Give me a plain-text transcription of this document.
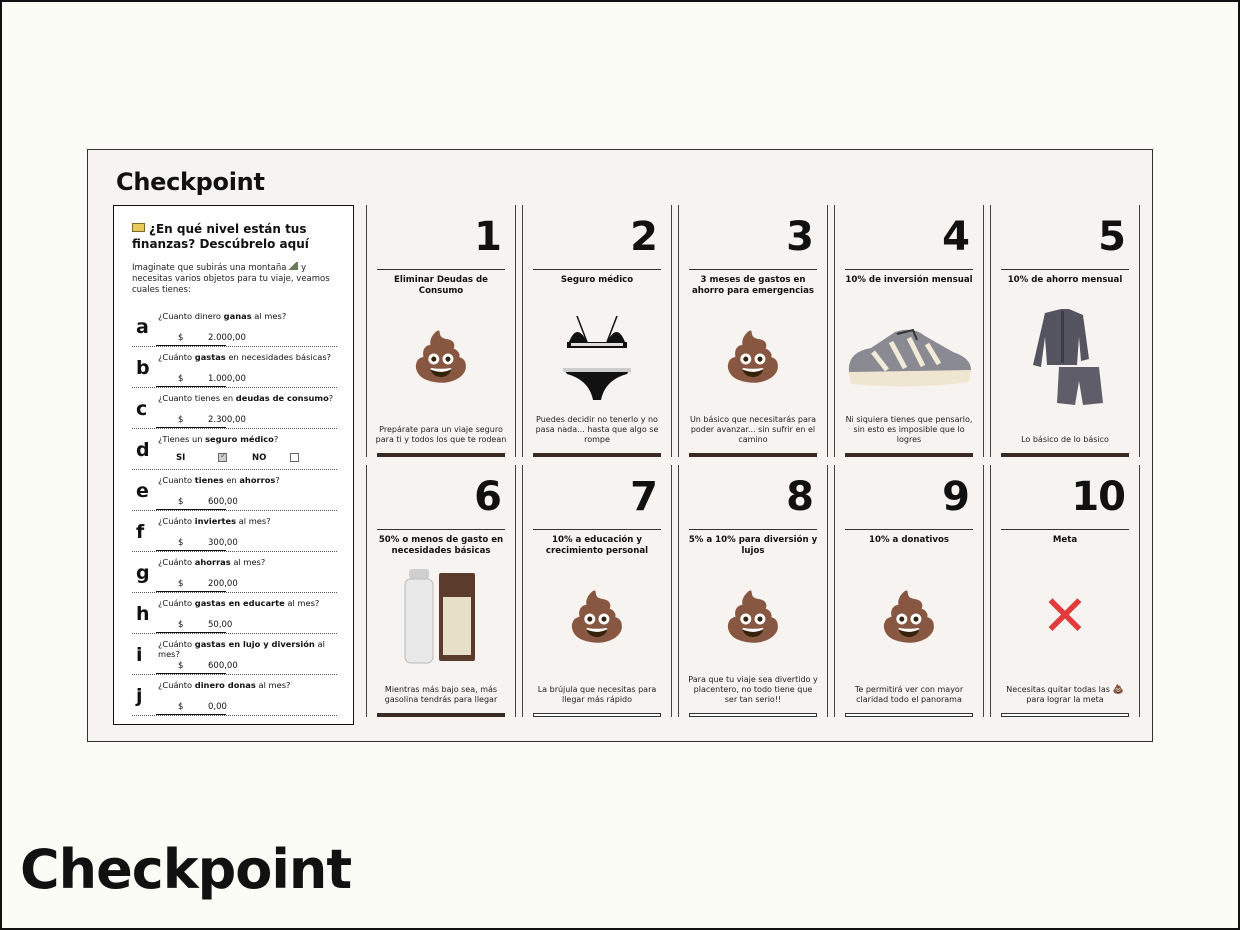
Checkpoint
¿En qué nivel están tus finanzas? Descúbrelo aquí
Imaginate que subirás una montaña y necesitas varios objetos para tu viaje, veamos cuales tienes:
a ¿Cuanto dinero ganas al mes?
$	2.000,00
b ¿Cuánto gastas en necesidades básicas?
$	1.000,00
c ¿Cuanto tienes en deudas de consumo?
$	2.300,00
d ¿Tienes un seguro médico?
SI
✓	NO
e ¿Cuanto tienes en ahorros?
$	600,00
f ¿Cuánto inviertes al mes?
$	300,00
g ¿Cuánto ahorras al mes?
$	200,00
h ¿Cuánto gastas en educarte al mes?
$	50,00
i ¿Cuánto gastas en lujo y diversión al mes?
$	600,00
j ¿Cuánto dinero donas al mes?
$	0,00
1
Eliminar Deudas de Consumo
💩
Prepárate para un viaje seguro para ti y todos los que te rodean
2
Seguro médico
Puedes decidir no tenerlo y no pasa nada... hasta que algo se rompe
3
3 meses de gastos en ahorro para emergencias
💩
Un básico que necesitarás para poder avanzar... sin sufrir en el camino
4
10% de inversión mensual
Ni siquiera tienes que pensarlo, sin esto es imposible que lo logres
5
10% de ahorro mensual
Lo básico de lo básico
6
50% o menos de gasto en necesidades básicas
Mientras más bajo sea, más gasolina tendrás para llegar
7
10% a educación y crecimiento personal
💩
La brújula que necesitas para llegar más rápido
8
5% a 10% para diversión y lujos
💩
Para que tu viaje sea divertido y placentero, no todo tiene que ser tan serio!!
9
10% a donativos
💩
Te permitirá ver con mayor claridad todo el panorama
10
Meta
✕
Necesitas quitar todas las 💩 para lograr la meta
Checkpoint
